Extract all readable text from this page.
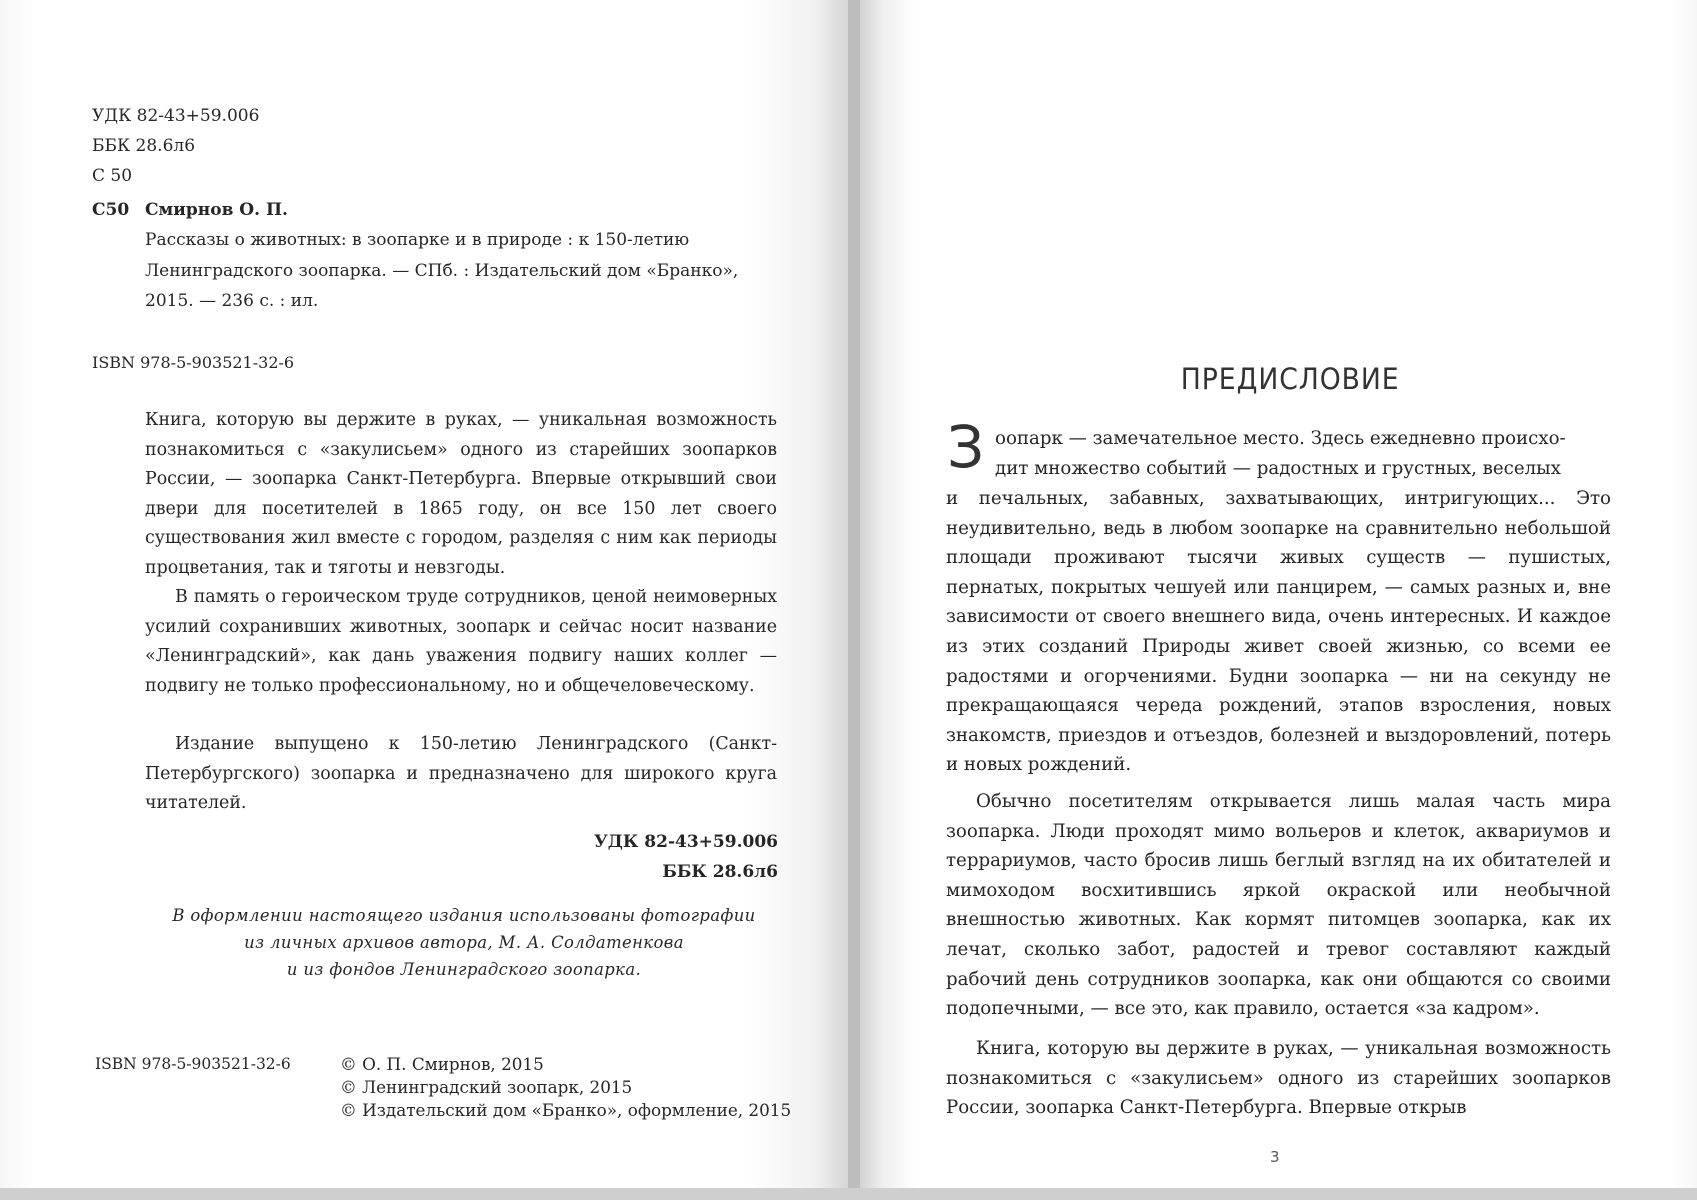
УДК 82-43+59.006
ББК 28.6л6
С 50
С50 Смирнов О. П.
Рассказы о животных: в зоопарке и в природе : к 150-летию
Ленинградского зоопарка. — СПб. : Издательский дом «Бранко»,
2015. — 236 с. : ил.
ISBN 978-5-903521-32-6
Книга, которую вы держите в руках, — уникальная возможность познакомиться с «закулисьем» одного из старейших зоопарков России, — зоопарка Санкт-Петербурга. Впервые открывший свои двери для посетителей в 1865 году, он все 150 лет своего существования жил вместе с городом, разделяя с ним как периоды процветания, так и тяготы и невзгоды.
В память о героическом труде сотрудников, ценой неимоверных усилий сохранивших животных, зоопарк и сейчас носит название «Ленинградский», как дань уважения подвигу наших коллег — подвигу не только профессиональному, но и общечеловеческому.
Издание выпущено к 150-летию Ленинградского (Санкт-Петербургского) зоопарка и предназначено для широкого круга читателей.
УДК 82-43+59.006
ББК 28.6л6
В оформлении настоящего издания использованы фотографии
из личных архивов автора, М. А. Солдатенкова
и из фондов Ленинградского зоопарка.
ISBN 978-5-903521-32-6	© О. П. Смирнов, 2015
© Ленинградский зоопарк, 2015
© Издательский дом «Бранко», оформление, 2015
ПРЕДИСЛОВИЕ
З оопарк — замечательное место. Здесь ежедневно происхо-
дит множество событий — радостных и грустных, веселых
и печальных, забавных, захватывающих, интригующих... Это неудивительно, ведь в любом зоопарке на сравнительно небольшой площади проживают тысячи живых существ — пушистых, пернатых, покрытых чешуей или панцирем, — самых разных и, вне зависимости от своего внешнего вида, очень интересных. И каждое из этих созданий Природы живет своей жизнью, со всеми ее радостями и огорчениями. Будни зоопарка — ни на секунду не прекращающаяся череда рождений, этапов взросления, новых знакомств, приездов и отъездов, болезней и выздоровлений, потерь и новых рождений.
Обычно посетителям открывается лишь малая часть мира зоопарка. Люди проходят мимо вольеров и клеток, аквариумов и террариумов, часто бросив лишь беглый взгляд на их обитателей и мимоходом восхитившись яркой окраской или необычной внешностью животных. Как кормят питомцев зоопарка, как их лечат, сколько забот, радостей и тревог составляют каждый рабочий день сотрудников зоопарка, как они общаются со своими подопечными, — все это, как правило, остается «за кадром».
Книга, которую вы держите в руках, — уникальная возможность познакомиться с «закулисьем» одного из старейших зоопарков России, зоопарка Санкт-Петербурга. Впервые открыв
3
